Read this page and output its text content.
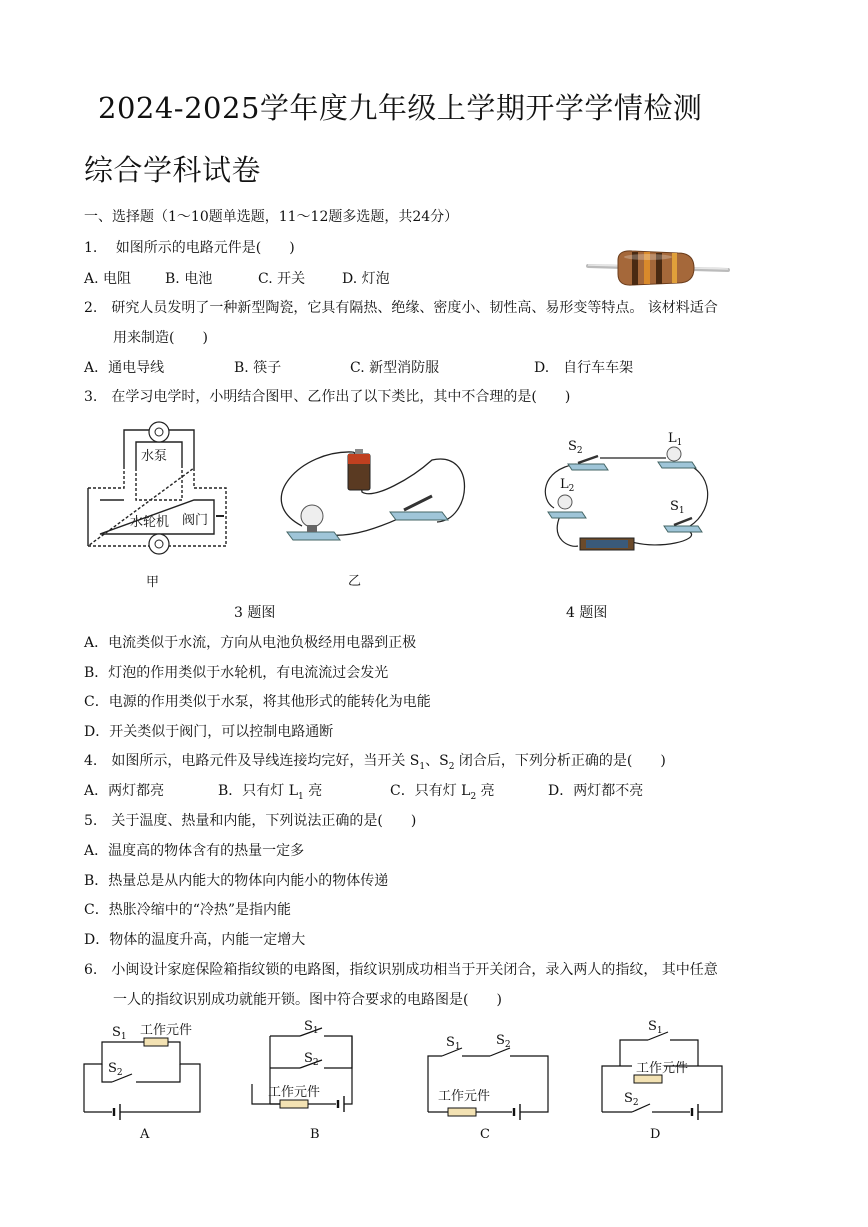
2024-2025学年度九年级上学期开学学情检测
综合学科试卷
一、选择题（1～10题单选题，11～12题多选题，共24分）
1.　 如图所示的电路元件是(　　)
A. 电阻 B. 电池	C. 开关	D. 灯泡
2.　研究人员发明了一种新型陶瓷，它具有隔热、绝缘、密度小、韧性高、易形变等特点。 该材料适合
用来制造(　　)
A．通电导线	B. 筷子	C. 新型消防服	D.　自行车车架
3.　在学习电学时，小明结合图甲、乙作出了以下类比，其中不合理的是(　　)
水泵
水轮机 阀门
甲	乙
$S_2$
$L_1$
$L_2$
$S_1$
3 题图	4 题图
A．电流类似于水流，方向从电池负极经用电器到正极
B．灯泡的作用类似于水轮机，有电流流过会发光
C．电源的作用类似于水泵，将其他形式的能转化为电能
D．开关类似于阀门，可以控制电路通断
4.　如图所示，电路元件及导线连接均完好，当开关 $S_1$、$S_2$ 闭合后，下列分析正确的是(　　)
A．两灯都亮	B．只有灯 $L_1$ 亮	C．只有灯 $L_2$ 亮	D．两灯都不亮
5.　关于温度、热量和内能，下列说法正确的是(　　)
A．温度高的物体含有的热量一定多
B．热量总是从内能大的物体向内能小的物体传递
C．热胀冷缩中的“冷热”是指内能
D．物体的温度升高，内能一定增大
6.　小闽设计家庭保险箱指纹锁的电路图，指纹识别成功相当于开关闭合，录入两人的指纹， 其中任意
一人的指纹识别成功就能开锁。图中符合要求的电路图是(　　)
$S_1$ 工作元件
$S_2$
A
$S_1$
$S_2$
工作元件
B
$S_1$	$S_2$
工作元件
C
$S_1$
工作元件
$S_2$
D
